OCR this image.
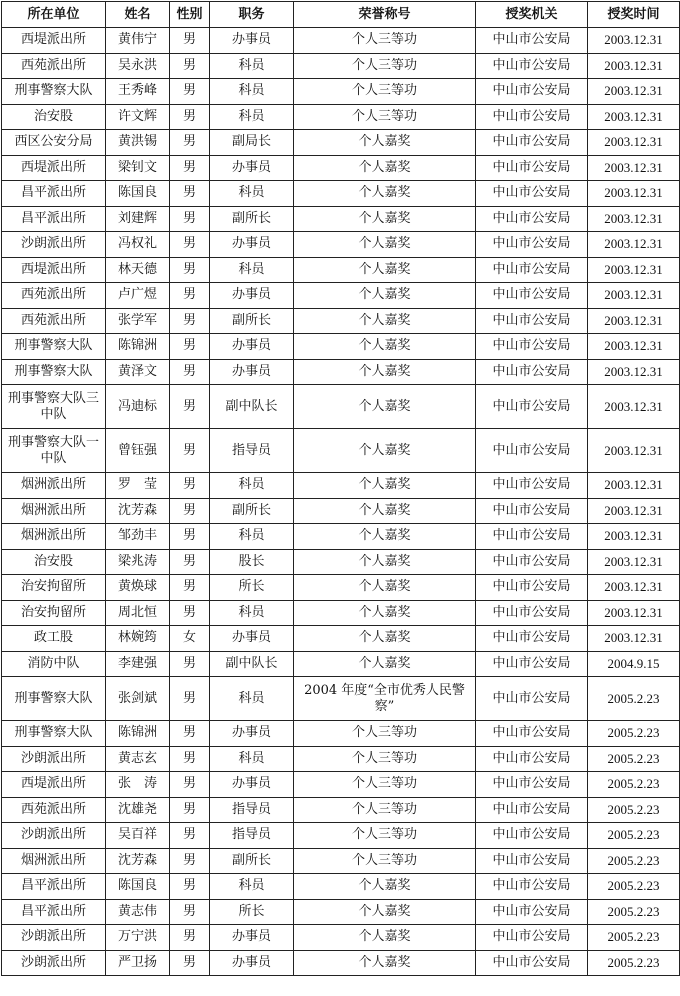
所在单位	姓名	性别	职务	荣誉称号	授奖机关	授奖时间
西堤派出所	黄伟宁	男	办事员	个人三等功	中山市公安局	2003.12.31
西苑派出所	吴永洪	男	科员	个人三等功	中山市公安局	2003.12.31
刑事警察大队	王秀峰	男	科员	个人三等功	中山市公安局	2003.12.31
治安股	许文辉	男	科员	个人三等功	中山市公安局	2003.12.31
西区公安分局	黄洪锡	男	副局长	个人嘉奖	中山市公安局	2003.12.31
西堤派出所	梁钊文	男	办事员	个人嘉奖	中山市公安局	2003.12.31
昌平派出所	陈国良	男	科员	个人嘉奖	中山市公安局	2003.12.31
昌平派出所	刘建辉	男	副所长	个人嘉奖	中山市公安局	2003.12.31
沙朗派出所	冯权礼	男	办事员	个人嘉奖	中山市公安局	2003.12.31
西堤派出所	林天德	男	科员	个人嘉奖	中山市公安局	2003.12.31
西苑派出所	卢广煜	男	办事员	个人嘉奖	中山市公安局	2003.12.31
西苑派出所	张学军	男	副所长	个人嘉奖	中山市公安局	2003.12.31
刑事警察大队	陈锦洲	男	办事员	个人嘉奖	中山市公安局	2003.12.31
刑事警察大队	黄泽文	男	办事员	个人嘉奖	中山市公安局	2003.12.31
刑事警察大队三中队	冯迪标	男	副中队长	个人嘉奖	中山市公安局	2003.12.31
刑事警察大队一中队	曾钰强	男	指导员	个人嘉奖	中山市公安局	2003.12.31
烟洲派出所	罗　莹	男	科员	个人嘉奖	中山市公安局	2003.12.31
烟洲派出所	沈芳森	男	副所长	个人嘉奖	中山市公安局	2003.12.31
烟洲派出所	邹劲丰	男	科员	个人嘉奖	中山市公安局	2003.12.31
治安股	梁兆涛	男	股长	个人嘉奖	中山市公安局	2003.12.31
治安拘留所	黄焕球	男	所长	个人嘉奖	中山市公安局	2003.12.31
治安拘留所	周北恒	男	科员	个人嘉奖	中山市公安局	2003.12.31
政工股	林婉筠	女	办事员	个人嘉奖	中山市公安局	2003.12.31
消防中队	李建强	男	副中队长	个人嘉奖	中山市公安局	2004.9.15
刑事警察大队	张剑斌	男	科员	2004 年度“全市优秀人民警察”	中山市公安局	2005.2.23
刑事警察大队	陈锦洲	男	办事员	个人三等功	中山市公安局	2005.2.23
沙朗派出所	黄志玄	男	科员	个人三等功	中山市公安局	2005.2.23
西堤派出所	张　涛	男	办事员	个人三等功	中山市公安局	2005.2.23
西苑派出所	沈雄尧	男	指导员	个人三等功	中山市公安局	2005.2.23
沙朗派出所	吴百祥	男	指导员	个人三等功	中山市公安局	2005.2.23
烟洲派出所	沈芳森	男	副所长	个人三等功	中山市公安局	2005.2.23
昌平派出所	陈国良	男	科员	个人嘉奖	中山市公安局	2005.2.23
昌平派出所	黄志伟	男	所长	个人嘉奖	中山市公安局	2005.2.23
沙朗派出所	万宁洪	男	办事员	个人嘉奖	中山市公安局	2005.2.23
沙朗派出所	严卫扬	男	办事员	个人嘉奖	中山市公安局	2005.2.23
